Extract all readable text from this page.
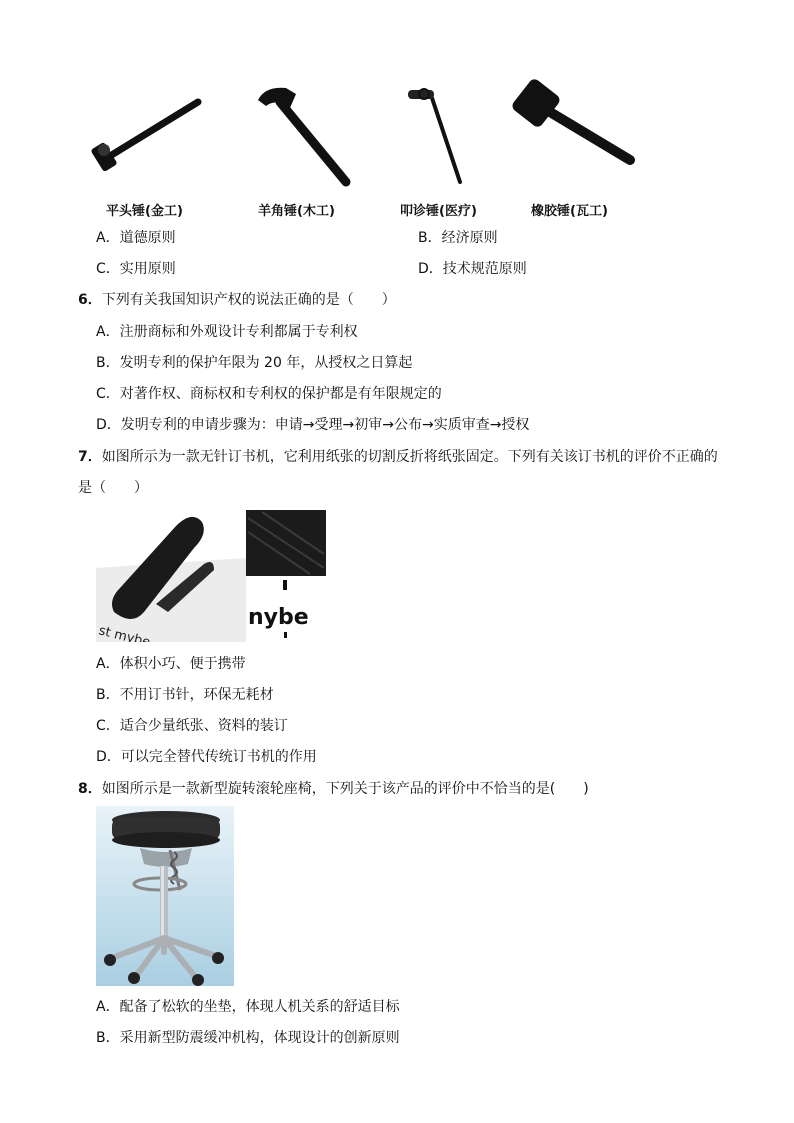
平头锤(金工)	羊角锤(木工)	叩诊锤(医疗)	橡胶锤(瓦工)
A．道德原则	B．经济原则
C．实用原则	D．技术规范原则
6．下列有关我国知识产权的说法正确的是（　　）
A．注册商标和外观设计专利都属于专利权
B．发明专利的保护年限为 20 年，从授权之日算起
C．对著作权、商标权和专利权的保护都是有年限规定的
D．发明专利的申请步骤为：申请→受理→初审→公布→实质审查→授权
7．如图所示为一款无针订书机，它利用纸张的切割反折将纸张固定。下列有关该订书机的评价不正确的
是（　　）
st mybe
nybe
A．体积小巧、便于携带
B．不用订书针，环保无耗材
C．适合少量纸张、资料的装订
D．可以完全替代传统订书机的作用
8．如图所示是一款新型旋转滚轮座椅，下列关于该产品的评价中不恰当的是(　　)
A．配备了松软的坐垫，体现人机关系的舒适目标
B．采用新型防震缓冲机构，体现设计的创新原则
